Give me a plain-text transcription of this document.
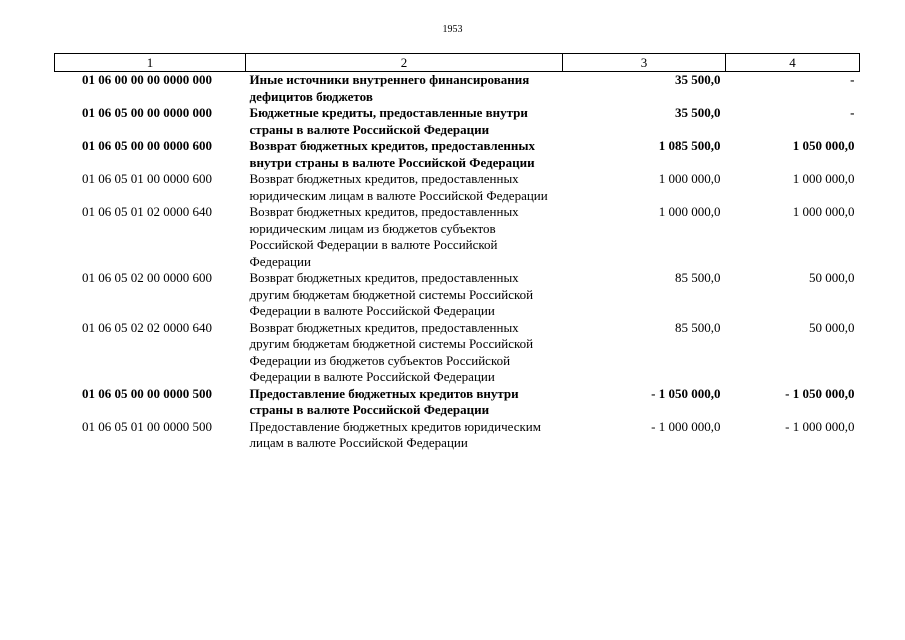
1953
1	2	3	4
01 06 00 00 00 0000 000	Иные источники внутреннего финансирования дефицитов бюджетов	35 500,0	-
01 06 05 00 00 0000 000	Бюджетные кредиты, предоставленные внутри страны в валюте Российской Федерации	35 500,0	-
01 06 05 00 00 0000 600	Возврат бюджетных кредитов, предоставленных внутри страны в валюте Российской Федерации	1 085 500,0	1 050 000,0
01 06 05 01 00 0000 600	Возврат бюджетных кредитов, предоставленных юридическим лицам в валюте Российской Федерации	1 000 000,0	1 000 000,0
01 06 05 01 02 0000 640	Возврат бюджетных кредитов, предоставленных юридическим лицам из бюджетов субъектов Российской Федерации в валюте Российской Федерации	1 000 000,0	1 000 000,0
01 06 05 02 00 0000 600	Возврат бюджетных кредитов, предоставленных другим бюджетам бюджетной системы Российской Федерации в валюте Российской Федерации	85 500,0	50 000,0
01 06 05 02 02 0000 640	Возврат бюджетных кредитов, предоставленных другим бюджетам бюджетной системы Российской Федерации из бюджетов субъектов Российской Федерации в валюте Российской Федерации	85 500,0	50 000,0
01 06 05 00 00 0000 500	Предоставление бюджетных кредитов внутри страны в валюте Российской Федерации	- 1 050 000,0	- 1 050 000,0
01 06 05 01 00 0000 500	Предоставление бюджетных кредитов юридическим лицам в валюте Российской Федерации	- 1 000 000,0	- 1 000 000,0
